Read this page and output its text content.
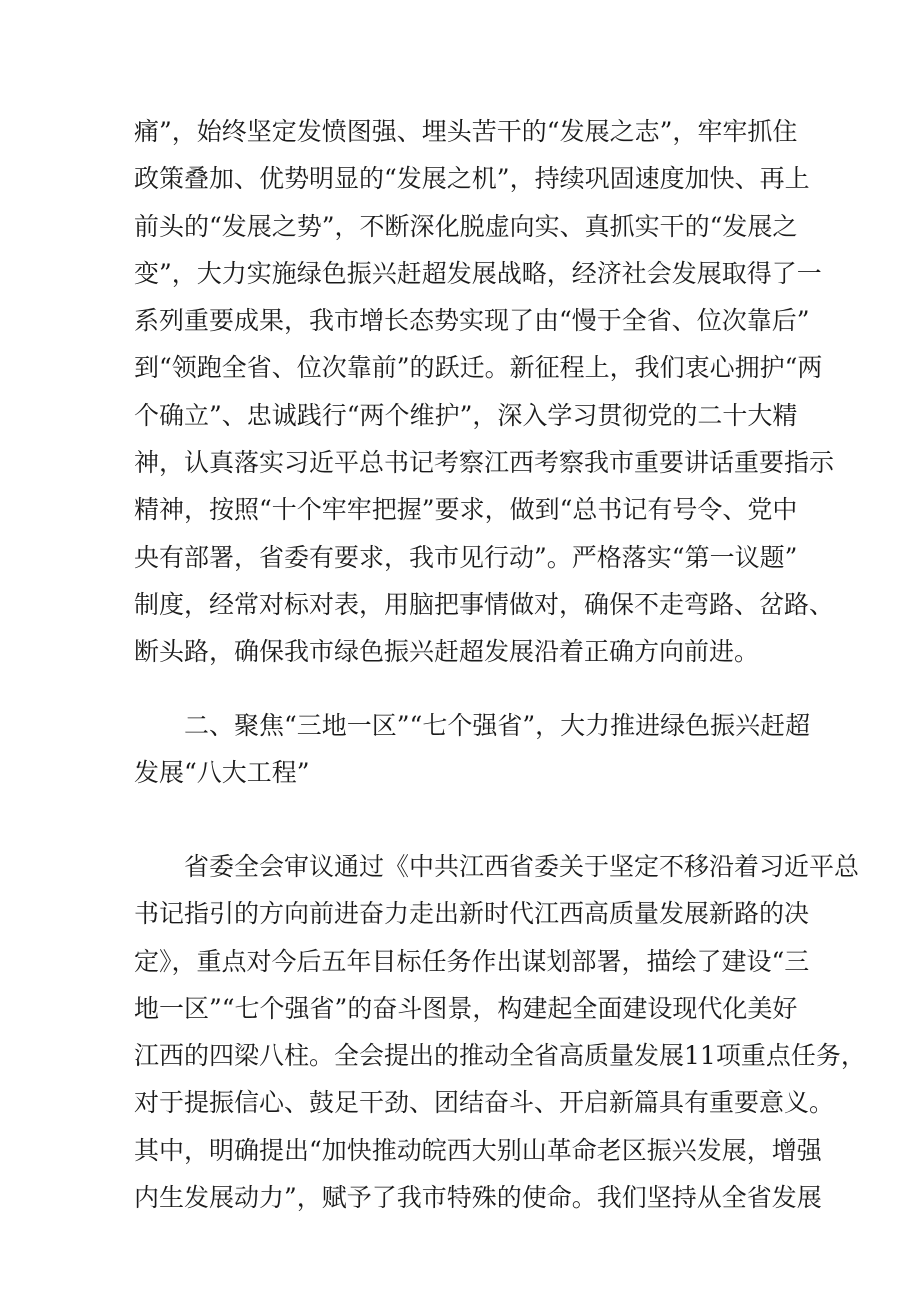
痛”，始终坚定发愤图强、埋头苦干的“发展之志”，牢牢抓住
政策叠加、优势明显的“发展之机”，持续巩固速度加快、再上
前头的“发展之势”，不断深化脱虚向实、真抓实干的“发展之
变”，大力实施绿色振兴赶超发展战略，经济社会发展取得了一
系列重要成果，我市增长态势实现了由“慢于全省、位次靠后”
到“领跑全省、位次靠前”的跃迁。新征程上，我们衷心拥护“两
个确立”、忠诚践行“两个维护”，深入学习贯彻党的二十大精
神，认真落实习近平总书记考察江西考察我市重要讲话重要指示
精神，按照“十个牢牢把握”要求，做到“总书记有号令、党中
央有部署，省委有要求，我市见行动”。严格落实“第一议题”
制度，经常对标对表，用脑把事情做对，确保不走弯路、岔路、
断头路，确保我市绿色振兴赶超发展沿着正确方向前进。
二、聚焦“三地一区”“七个强省”，大力推进绿色振兴赶超
发展“八大工程”
省委全会审议通过《中共江西省委关于坚定不移沿着习近平总
书记指引的方向前进奋力走出新时代江西高质量发展新路的决
定》，重点对今后五年目标任务作出谋划部署，描绘了建设“三
地一区”“七个强省”的奋斗图景，构建起全面建设现代化美好
江西的四梁八柱。全会提出的推动全省高质量发展11项重点任务，
对于提振信心、鼓足干劲、团结奋斗、开启新篇具有重要意义。
其中，明确提出“加快推动皖西大别山革命老区振兴发展，增强
内生发展动力”，赋予了我市特殊的使命。我们坚持从全省发展
